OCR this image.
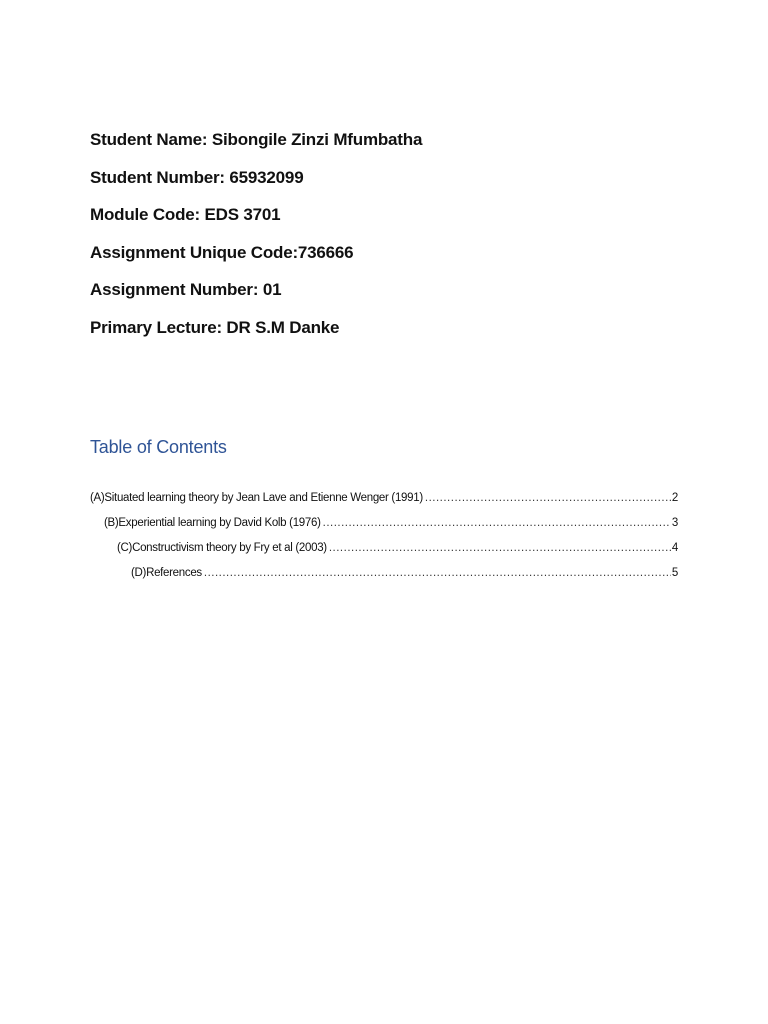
Student Name: Sibongile Zinzi Mfumbatha
Student Number: 65932099
Module Code: EDS 3701
Assignment Unique Code:736666
Assignment Number: 01
Primary Lecture: DR S.M Danke
Table of Contents
(A)Situated learning theory by Jean Lave and Etienne Wenger (1991) .....	2
(B)Experiential learning by David Kolb (1976) .....	3
(C)Constructivism theory by Fry et al (2003) .....	4
(D)References .....	5
